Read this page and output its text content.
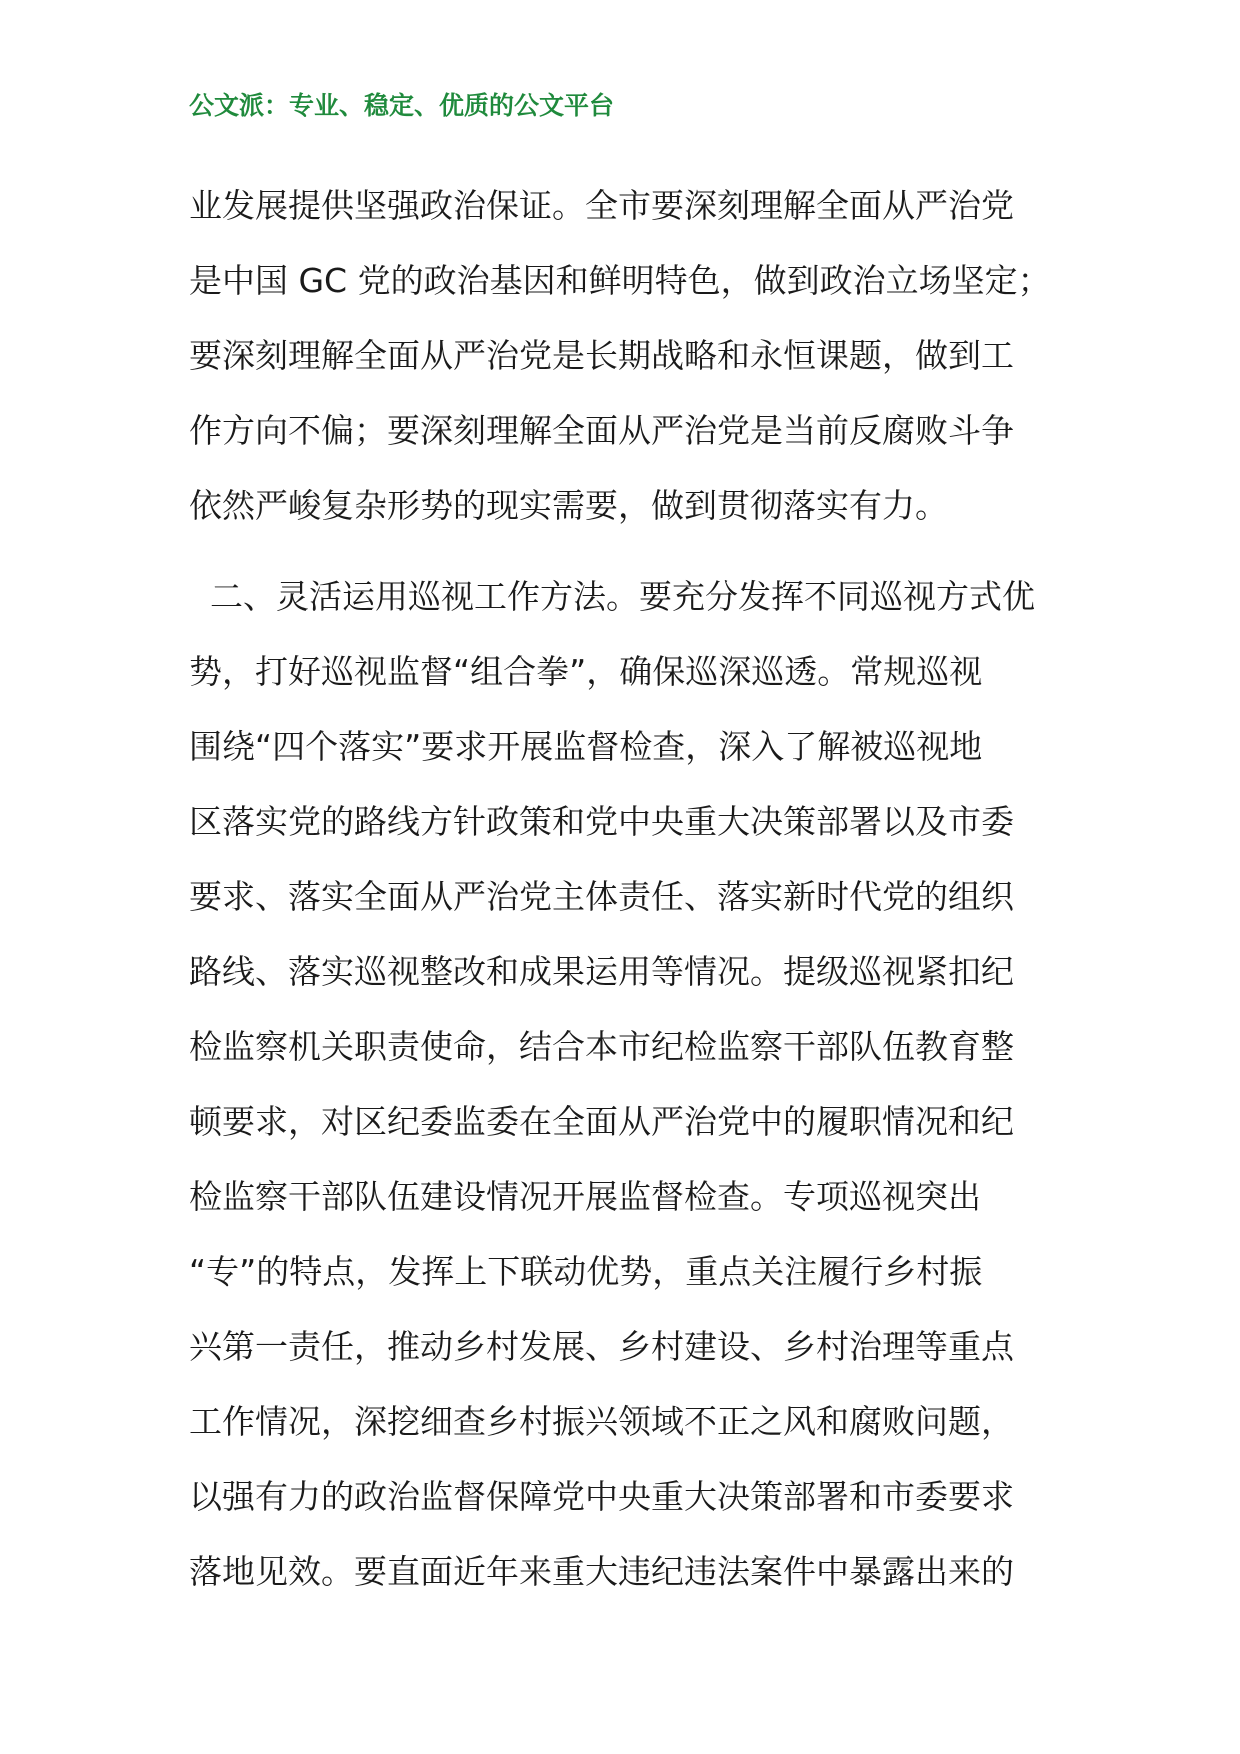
公文派：专业、稳定、优质的公文平台
业发展提供坚强政治保证。全市要深刻理解全面从严治党
是中国 GC 党的政治基因和鲜明特色，做到政治立场坚定；
要深刻理解全面从严治党是长期战略和永恒课题，做到工
作方向不偏；要深刻理解全面从严治党是当前反腐败斗争
依然严峻复杂形势的现实需要，做到贯彻落实有力。
二、灵活运用巡视工作方法。要充分发挥不同巡视方式优
势，打好巡视监督“组合拳”，确保巡深巡透。常规巡视
围绕“四个落实”要求开展监督检查，深入了解被巡视地
区落实党的路线方针政策和党中央重大决策部署以及市委
要求、落实全面从严治党主体责任、落实新时代党的组织
路线、落实巡视整改和成果运用等情况。提级巡视紧扣纪
检监察机关职责使命，结合本市纪检监察干部队伍教育整
顿要求，对区纪委监委在全面从严治党中的履职情况和纪
检监察干部队伍建设情况开展监督检查。专项巡视突出
“专”的特点，发挥上下联动优势，重点关注履行乡村振
兴第一责任，推动乡村发展、乡村建设、乡村治理等重点
工作情况，深挖细查乡村振兴领域不正之风和腐败问题，
以强有力的政治监督保障党中央重大决策部署和市委要求
落地见效。要直面近年来重大违纪违法案件中暴露出来的
